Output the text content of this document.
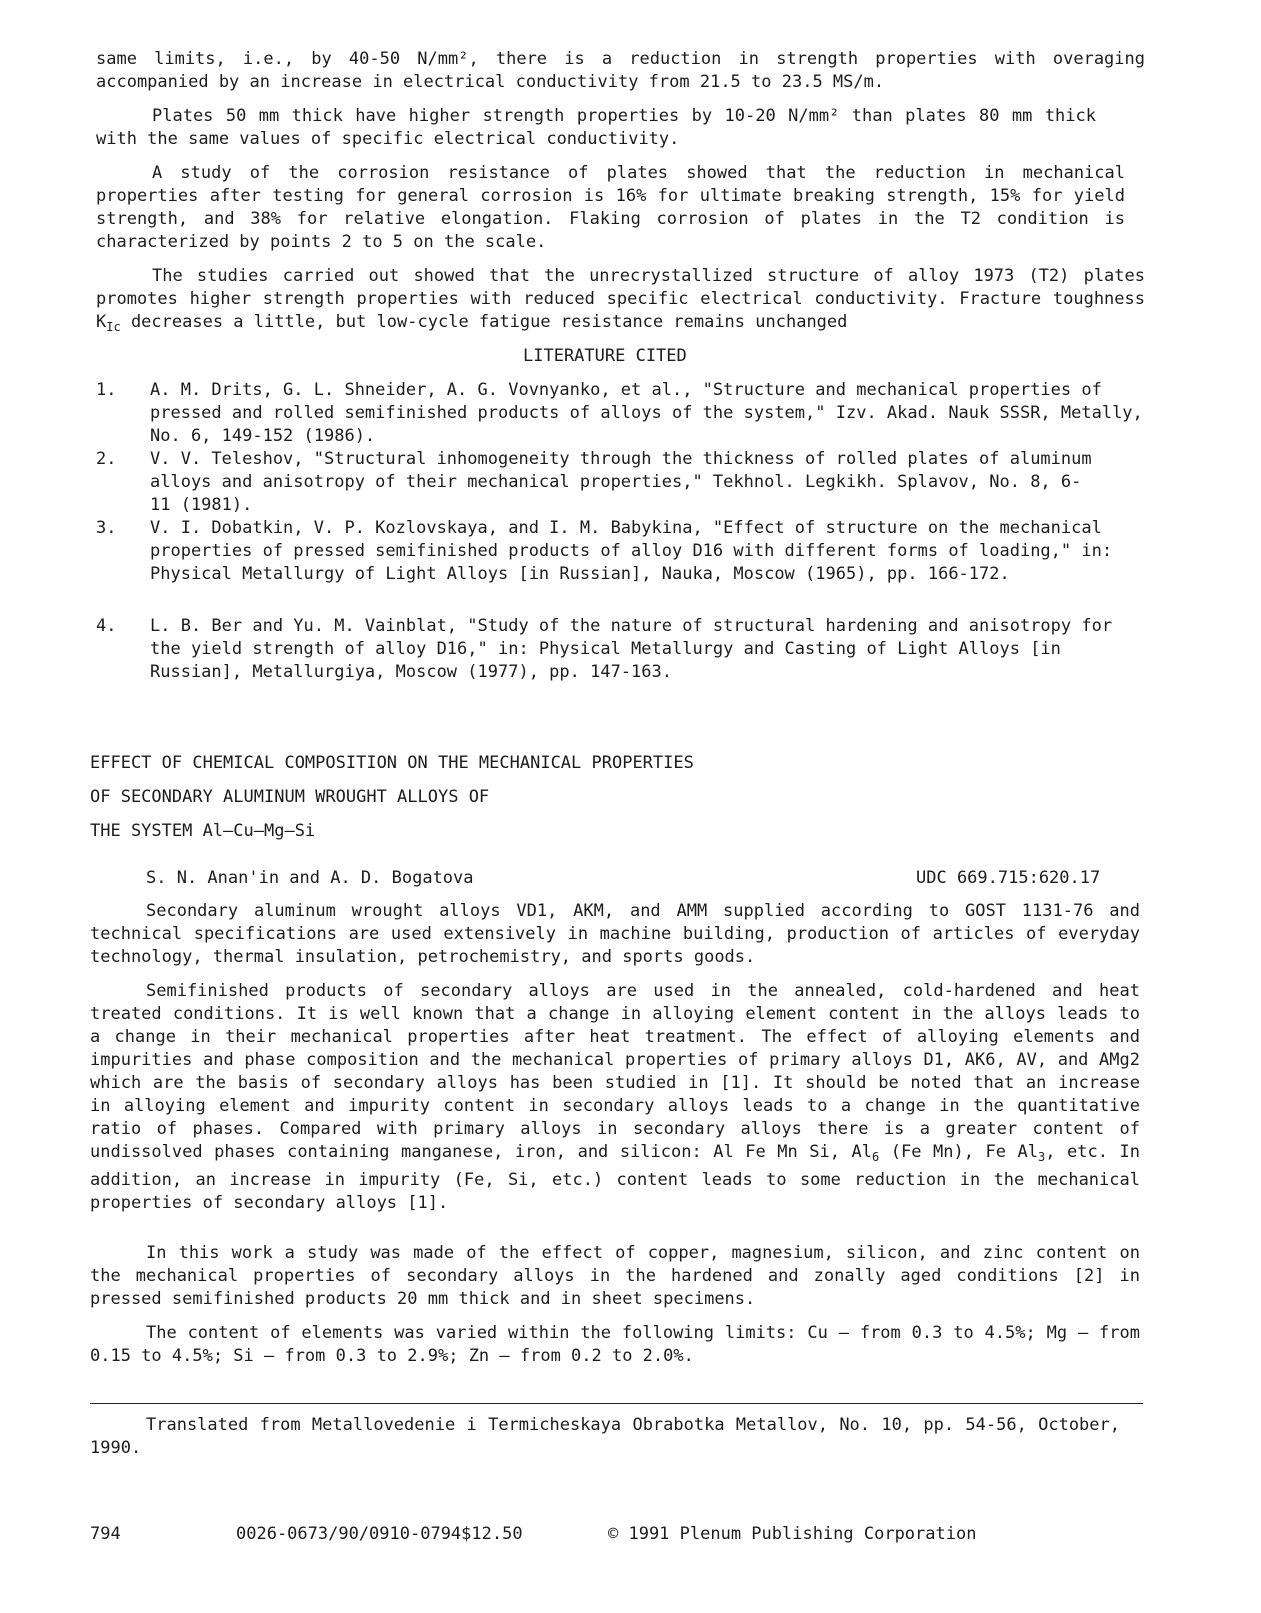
same limits, i.e., by 40-50 N/mm², there is a reduction in strength properties with overaging accompanied by an increase in electrical conductivity from 21.5 to 23.5 MS/m.

Plates 50 mm thick have higher strength properties by 10-20 N/mm² than plates 80 mm thick with the same values of specific electrical conductivity.

A study of the corrosion resistance of plates showed that the reduction in mechanical properties after testing for general corrosion is 16% for ultimate breaking strength, 15% for yield strength, and 38% for relative elongation. Flaking corrosion of plates in the T2 condition is characterized by points 2 to 5 on the scale.

The studies carried out showed that the unrecrystallized structure of alloy 1973 (T2) plates promotes higher strength properties with reduced specific electrical conductivity. Fracture toughness $K_{Ic}$ decreases a little, but low-cycle fatigue resistance remains unchanged

LITERATURE CITED
1. A. M. Drits, G. L. Shneider, A. G. Vovnyanko, et al., "Structure and mechanical properties of pressed and rolled semifinished products of alloys of the system," Izv. Akad. Nauk SSSR, Metally, No. 6, 149-152 (1986).
2. V. V. Teleshov, "Structural inhomogeneity through the thickness of rolled plates of aluminum alloys and anisotropy of their mechanical properties," Tekhnol. Legkikh. Splavov, No. 8, 6-11 (1981).
3. V. I. Dobatkin, V. P. Kozlovskaya, and I. M. Babykina, "Effect of structure on the mechanical properties of pressed semifinished products of alloy D16 with different forms of loading," in: Physical Metallurgy of Light Alloys [in Russian], Nauka, Moscow (1965), pp. 166-172.
4. L. B. Ber and Yu. M. Vainblat, "Study of the nature of structural hardening and anisotropy for the yield strength of alloy D16," in: Physical Metallurgy and Casting of Light Alloys [in Russian], Metallurgiya, Moscow (1977), pp. 147-163.
EFFECT OF CHEMICAL COMPOSITION ON THE MECHANICAL PROPERTIES
OF SECONDARY ALUMINUM WROUGHT ALLOYS OF
THE SYSTEM Al—Cu—Mg—Si
S. N. Anan'in and A. D. Bogatova	UDC 669.715:620.17

Secondary aluminum wrought alloys VD1, AKM, and AMM supplied according to GOST 1131-76 and technical specifications are used extensively in machine building, production of articles of everyday technology, thermal insulation, petrochemistry, and sports goods.

Semifinished products of secondary alloys are used in the annealed, cold-hardened and heat treated conditions. It is well known that a change in alloying element content in the alloys leads to a change in their mechanical properties after heat treatment. The effect of alloying elements and impurities and phase composition and the mechanical properties of primary alloys D1, AK6, AV, and AMg2 which are the basis of secondary alloys has been studied in [1]. It should be noted that an increase in alloying element and impurity content in secondary alloys leads to a change in the quantitative ratio of phases. Compared with primary alloys in secondary alloys there is a greater content of undissolved phases containing manganese, iron, and silicon: Al Fe Mn Si, $Al_6$ (Fe Mn), Fe $Al_3$, etc. In addition, an increase in impurity (Fe, Si, etc.) content leads to some reduction in the mechanical properties of secondary alloys [1].

In this work a study was made of the effect of copper, magnesium, silicon, and zinc content on the mechanical properties of secondary alloys in the hardened and zonally aged conditions [2] in pressed semifinished products 20 mm thick and in sheet specimens.

The content of elements was varied within the following limits: Cu — from 0.3 to 4.5%; Mg — from 0.15 to 4.5%; Si — from 0.3 to 2.9%; Zn — from 0.2 to 2.0%.

Translated from Metallovedenie i Termicheskaya Obrabotka Metallov, No. 10, pp. 54-56, October, 1990.

794	0026-0673/90/0910-0794$12.50	© 1991 Plenum Publishing Corporation
